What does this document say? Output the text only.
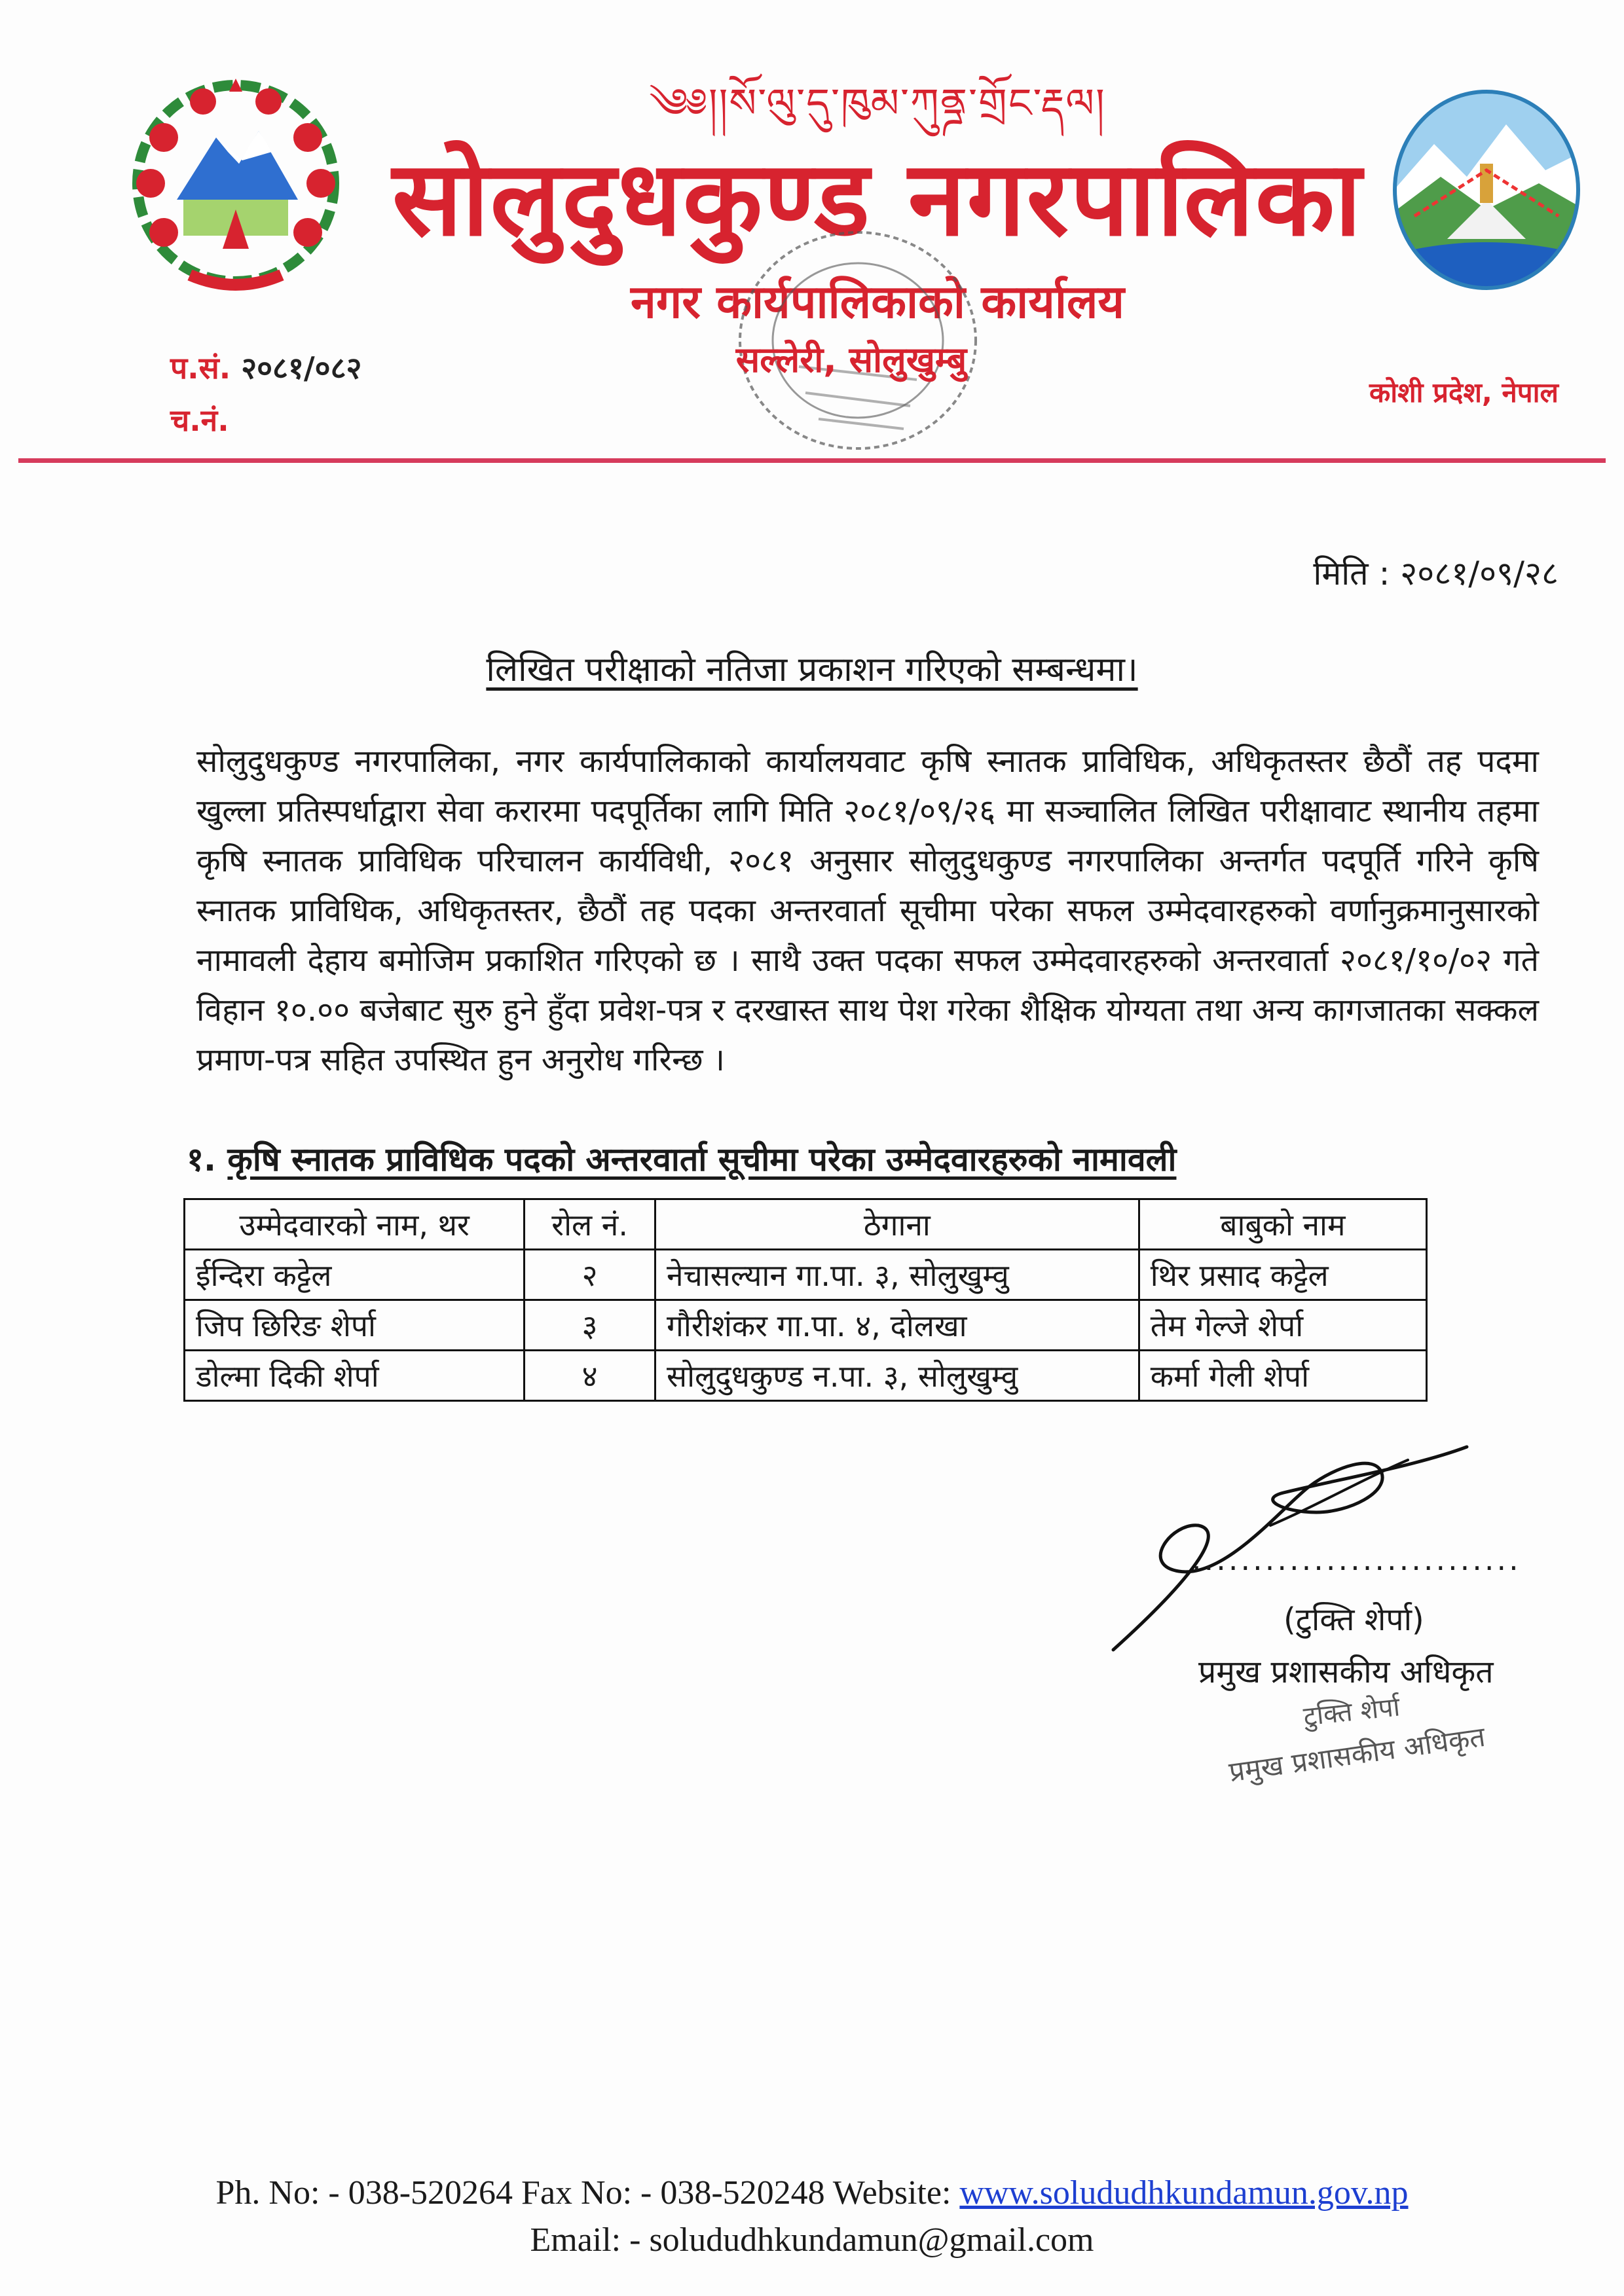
༄༅།།སོ་ལུ་དུ་ཁུམ་ཀུནྜ་གྲོང་རྡལ།
सोलुदुधकुण्ड नगरपालिका
नगर कार्यपालिकाको कार्यालय
सल्लेरी, सोलुखुम्बु
प.सं. २०८१/०८२
च.नं.
कोशी प्रदेश, नेपाल
मिति : २०८१/०९/२८
लिखित परीक्षाको नतिजा प्रकाशन गरिएको सम्बन्धमा।
सोलुदुधकुण्ड नगरपालिका, नगर कार्यपालिकाको कार्यालयवाट कृषि स्नातक प्राविधिक, अधिकृतस्तर छैठौं तह पदमा खुल्ला प्रतिस्पर्धाद्वारा सेवा करारमा पदपूर्तिका लागि मिति २०८१/०९/२६ मा सञ्चालित लिखित परीक्षावाट स्थानीय तहमा कृषि स्नातक प्राविधिक परिचालन कार्यविधी, २०८१ अनुसार सोलुदुधकुण्ड नगरपालिका अन्तर्गत पदपूर्ति गरिने कृषि स्नातक प्राविधिक, अधिकृतस्तर, छैठौं तह पदका अन्तरवार्ता सूचीमा परेका सफल उम्मेदवारहरुको वर्णानुक्रमानुसारको नामावली देहाय बमोजिम प्रकाशित गरिएको छ । साथै उक्त पदका सफल उम्मेदवारहरुको अन्तरवार्ता २०८१/१०/०२ गते विहान १०.०० बजेबाट सुरु हुने हुँदा प्रवेश-पत्र र दरखास्त साथ पेश गरेका शैक्षिक योग्यता तथा अन्य कागजातका सक्कल प्रमाण-पत्र सहित उपस्थित हुन अनुरोध गरिन्छ ।
१. कृषि स्नातक प्राविधिक पदको अन्तरवार्ता सूचीमा परेका उम्मेदवारहरुको नामावली
उम्मेदवारको नाम, थर	रोल नं.	ठेगाना	बाबुको नाम
ईन्दिरा कट्टेल	२	नेचासल्यान गा.पा. ३, सोलुखुम्वु	थिर प्रसाद कट्टेल
जिप छिरिङ शेर्पा	३	गौरीशंकर गा.पा. ४, दोलखा	तेम गेल्जे शेर्पा
डोल्मा दिकी शेर्पा	४	सोलुदुधकुण्ड न.पा. ३, सोलुखुम्वु	कर्मा गेली शेर्पा
...........................
(टुक्ति शेर्पा)
प्रमुख प्रशासकीय अधिकृत
टुक्ति शेर्पा
प्रमुख प्रशासकीय अधिकृत
Ph. No: - 038-520264 Fax No: - 038-520248 Website: www.solududhkundamun.gov.np
Email: - solududhkundamun@gmail.com
